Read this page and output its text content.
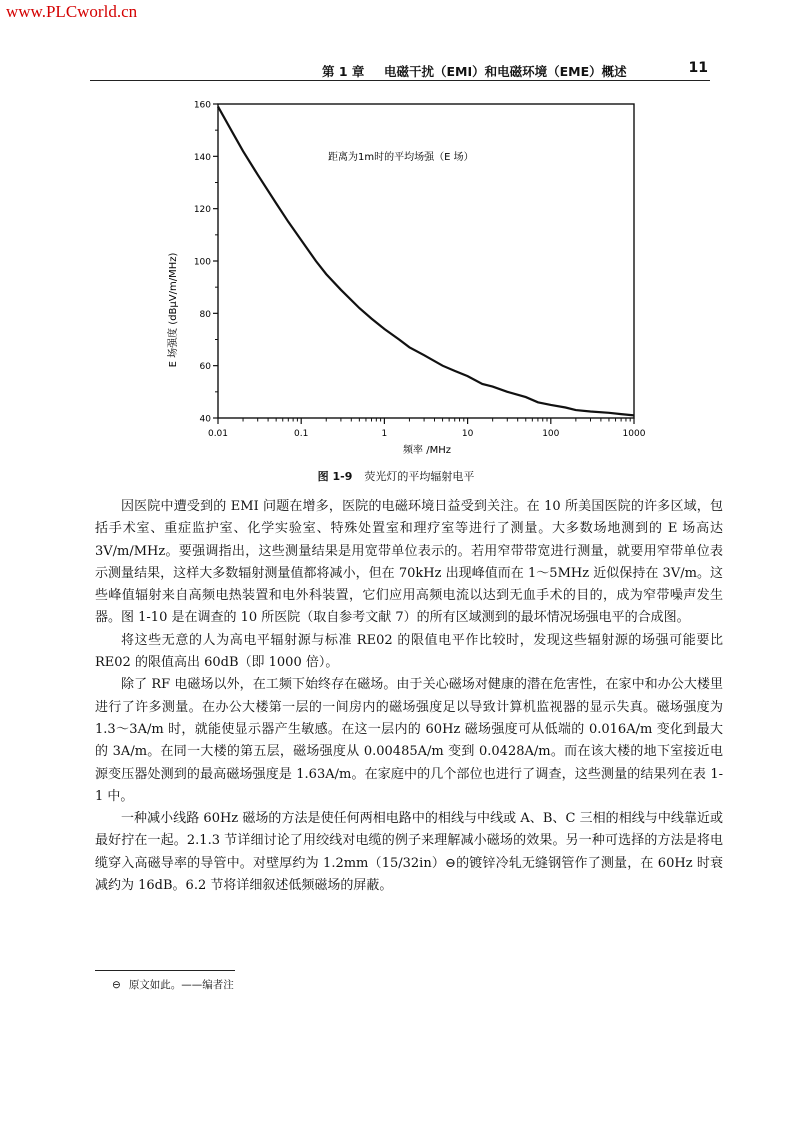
www.PLCworld.cn
第 1 章 电磁干扰（EMI）和电磁环境（EME）概述	11
40
60
80
100
120
140
160
0.01	0.1	1	10	100	1000
距离为1m时的平均场强（E 场）
频率 /MHz
E 场强度 (dBμV/m/MHz)
图 1-9 荧光灯的平均辐射电平

因医院中遭受到的 EMI 问题在增多，医院的电磁环境日益受到关注。在 10 所美国医院的许多区域，包括手术室、重症监护室、化学实验室、特殊处置室和理疗室等进行了测量。大多数场地测到的 E 场高达 3V/m/MHz。要强调指出，这些测量结果是用宽带单位表示的。若用窄带带宽进行测量，就要用窄带单位表示测量结果，这样大多数辐射测量值都将减小，但在 70kHz 出现峰值而在 1～5MHz 近似保持在 3V/m。这些峰值辐射来自高频电热装置和电外科装置，它们应用高频电流以达到无血手术的目的，成为窄带噪声发生器。图 1-10 是在调查的 10 所医院（取自参考文献 7）的所有区域测到的最坏情况场强电平的合成图。

将这些无意的人为高电平辐射源与标准 RE02 的限值电平作比较时，发现这些辐射源的场强可能要比 RE02 的限值高出 60dB（即 1000 倍）。

除了 RF 电磁场以外，在工频下始终存在磁场。由于关心磁场对健康的潜在危害性，在家中和办公大楼里进行了许多测量。在办公大楼第一层的一间房内的磁场强度足以导致计算机监视器的显示失真。磁场强度为 1.3～3A/m 时，就能使显示器产生敏感。在这一层内的 60Hz 磁场强度可从低端的 0.016A/m 变化到最大的 3A/m。在同一大楼的第五层，磁场强度从 0.00485A/m 变到 0.0428A/m。而在该大楼的地下室接近电源变压器处测到的最高磁场强度是 1.63A/m。在家庭中的几个部位也进行了调查，这些测量的结果列在表 1-1 中。

一种减小线路 60Hz 磁场的方法是使任何两相电路中的相线与中线或 A、B、C 三相的相线与中线靠近或最好拧在一起。2.1.3 节详细讨论了用绞线对电缆的例子来理解减小磁场的效果。另一种可选择的方法是将电缆穿入高磁导率的导管中。对壁厚约为 1.2mm（15/32in）⊖的镀锌冷轧无缝钢管作了测量，在 60Hz 时衰减约为 16dB。6.2 节将详细叙述低频磁场的屏蔽。

⊖ 原文如此。——编者注
